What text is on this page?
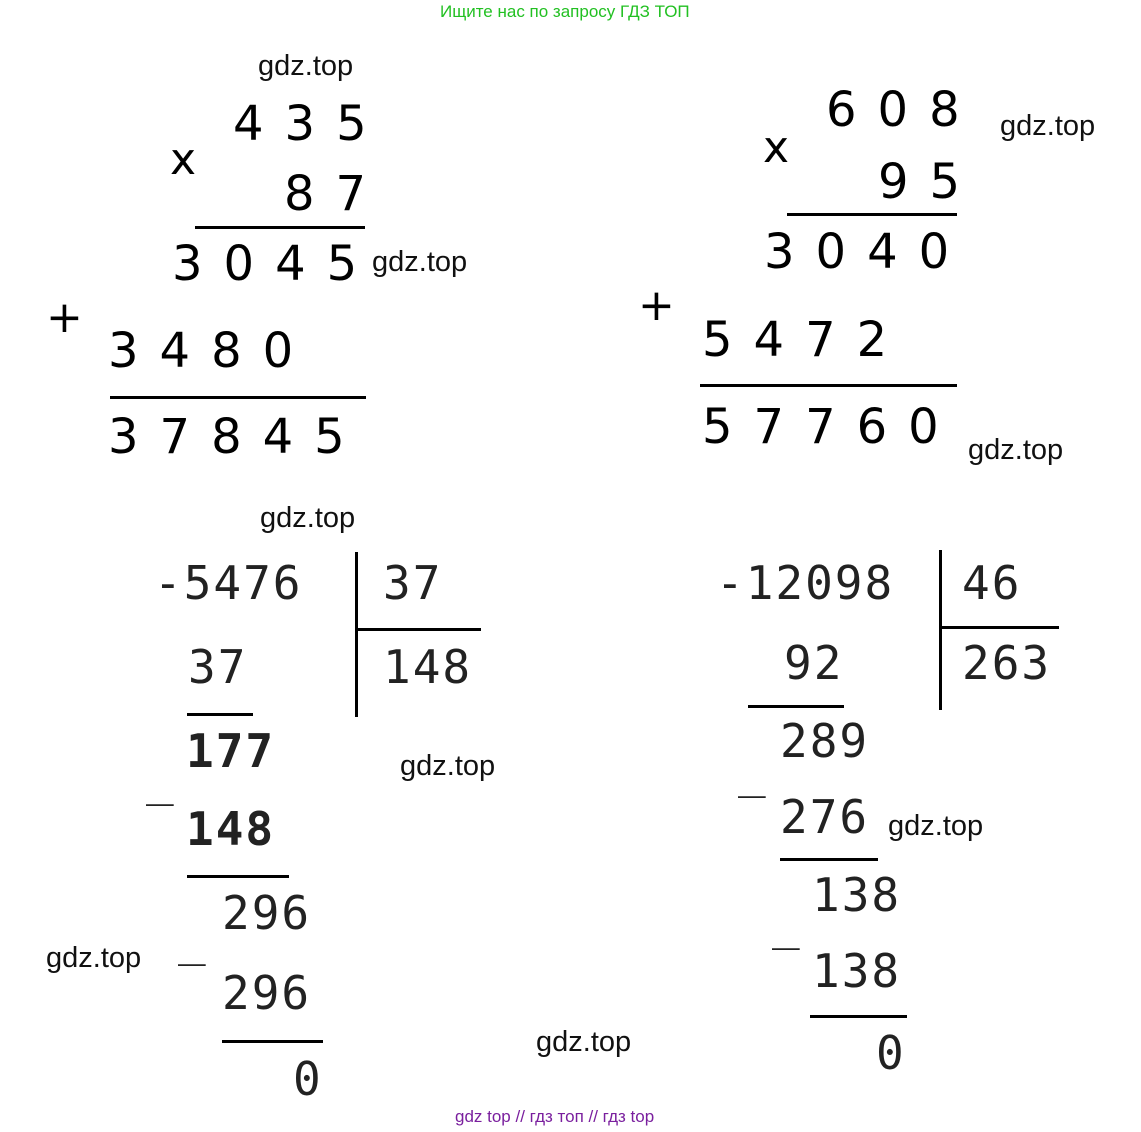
Ищите нас по запросу ГДЗ ТОП
gdz.top
435
x
87
3045
gdz.top
+
3480
37845
608 gdz.top
x
95
3040
+
5472
57760 gdz.top
gdz.top
-5476 37
148
37
177	gdz.top
_
148
296
_
gdz.top
296
0
-12098 46
263
92
289
_
276 gdz.top
138
_
138
0
gdz.top
gdz top // гдз топ // гдз top
